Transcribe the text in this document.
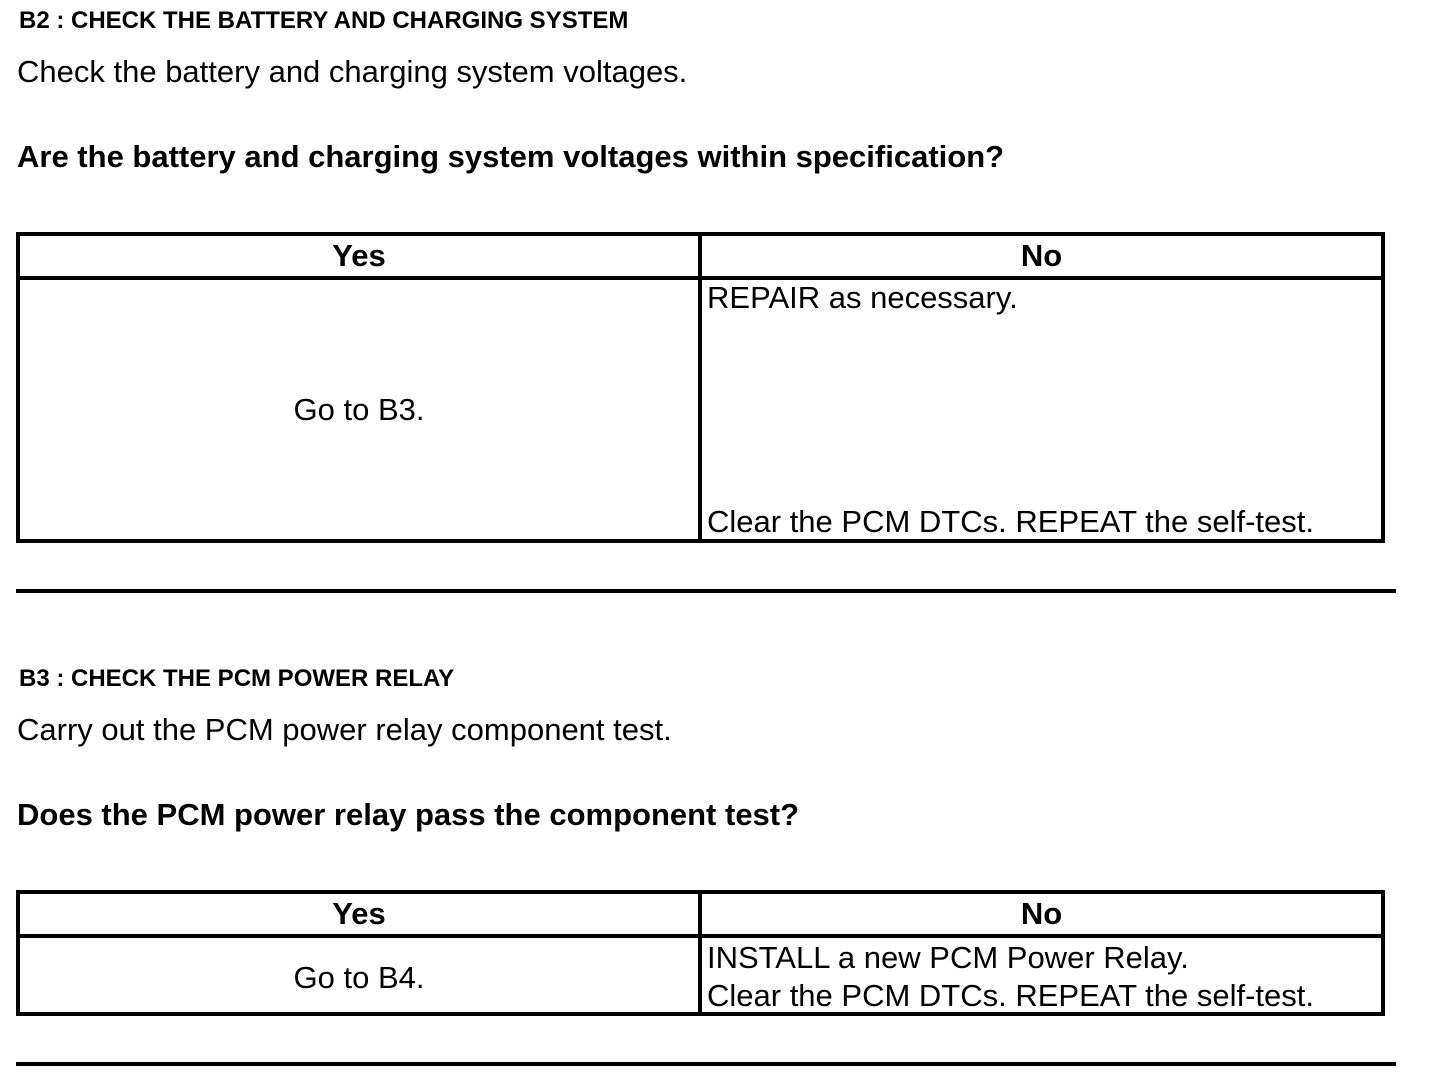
B2 : CHECK THE BATTERY AND CHARGING SYSTEM
Check the battery and charging system voltages.
Are the battery and charging system voltages within specification?
Yes	No
Go to B3.
REPAIR as necessary.
Clear the PCM DTCs. REPEAT the self-test.
B3 : CHECK THE PCM POWER RELAY
Carry out the PCM power relay component test.
Does the PCM power relay pass the component test?
Yes	No
Go to B4.
INSTALL a new PCM Power Relay.
Clear the PCM DTCs. REPEAT the self-test.
